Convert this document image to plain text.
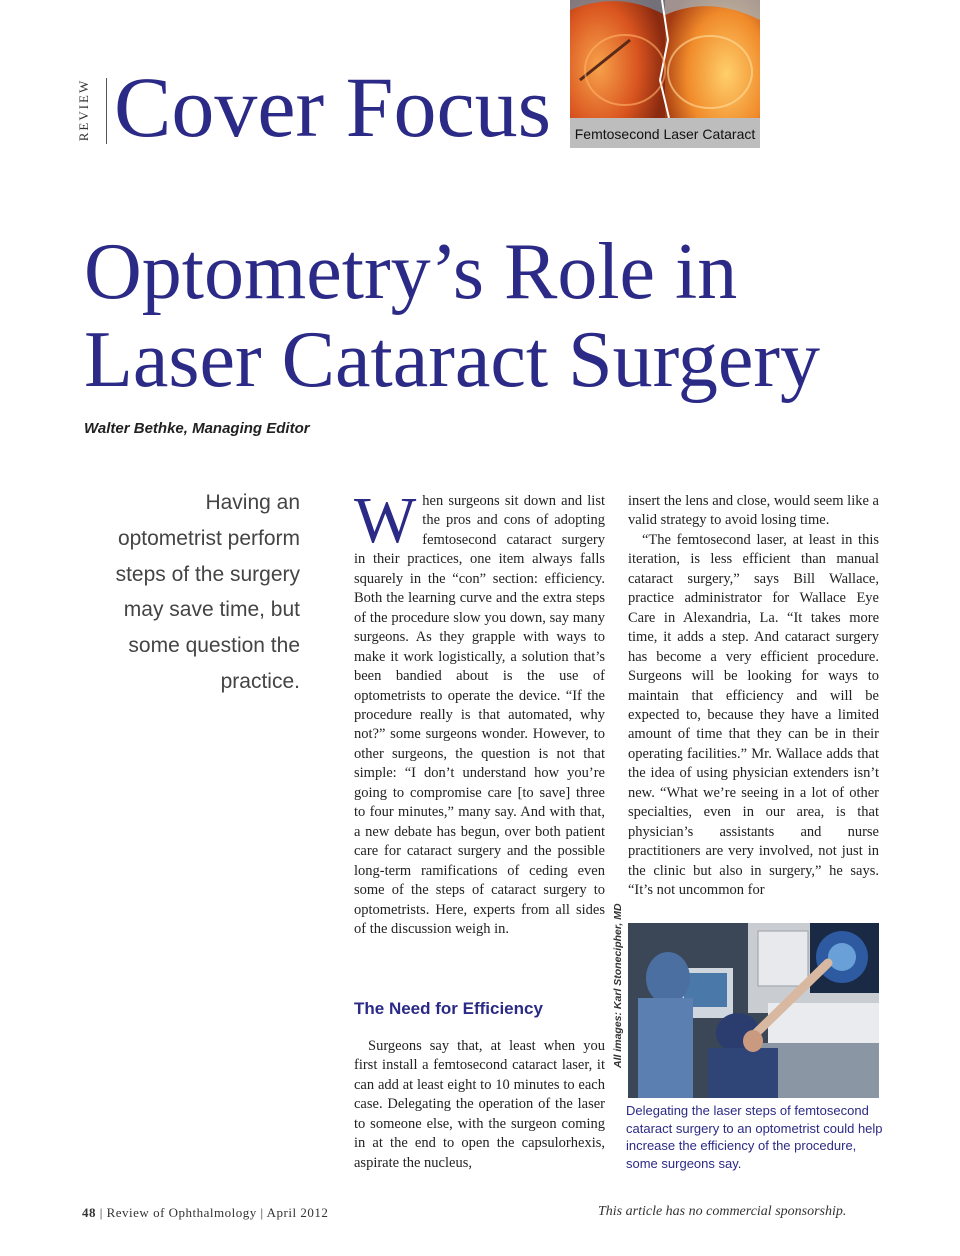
REVIEW Cover Focus	Femtosecond Laser Cataract
Optometry’s Role in
Laser Cataract Surgery
Walter Bethke, Managing Editor
Having an optometrist perform steps of the surgery may save time, but some question the practice.
W hen surgeons sit down and list the pros and cons of adopting femtosecond cataract surgery in their practices, one item always falls squarely in the “con” section: efficiency. Both the learning curve and the extra steps of the procedure slow you down, say many surgeons. As they grapple with ways to make it work logistically, a solution that’s been bandied about is the use of optometrists to operate the device. “If the procedure really is that automated, why not?” some surgeons wonder. However, to other surgeons, the question is not that simple: “I don’t understand how you’re going to compromise care [to save] three to four minutes,” many say. And with that, a new debate has begun, over both patient care for cataract surgery and the possible long-term ramifications of ceding even some of the steps of cataract surgery to optometrists. Here, experts from all sides of the discussion weigh in.

The Need for Efficiency

Surgeons say that, at least when you first install a femtosecond cataract laser, it can add at least eight to 10 minutes to each case. Delegating the operation of the laser to someone else, with the surgeon coming in at the end to open the capsulorhexis, aspirate the nucleus,

insert the lens and close, would seem like a valid strategy to avoid losing time.

“The femtosecond laser, at least in this iteration, is less efficient than manual cataract surgery,” says Bill Wallace, practice administrator for Wallace Eye Care in Alexandria, La. “It takes more time, it adds a step. And cataract surgery has become a very efficient procedure. Surgeons will be looking for ways to maintain that efficiency and will be expected to, because they have a limited amount of time that they can be in their operating facilities.” Mr. Wallace adds that the idea of using physician extenders isn’t new. “What we’re seeing in a lot of other specialties, even in our area, is that physician’s assistants and nurse practitioners are very involved, not just in the clinic but also in surgery,” he says. “It’s not uncommon for

All images: Karl Stonecipher, MD
Delegating the laser steps of femtosecond cataract surgery to an optometrist could help increase the efficiency of the procedure, some surgeons say.
48 | Review of Ophthalmology | April 2012	This article has no commercial sponsorship.
